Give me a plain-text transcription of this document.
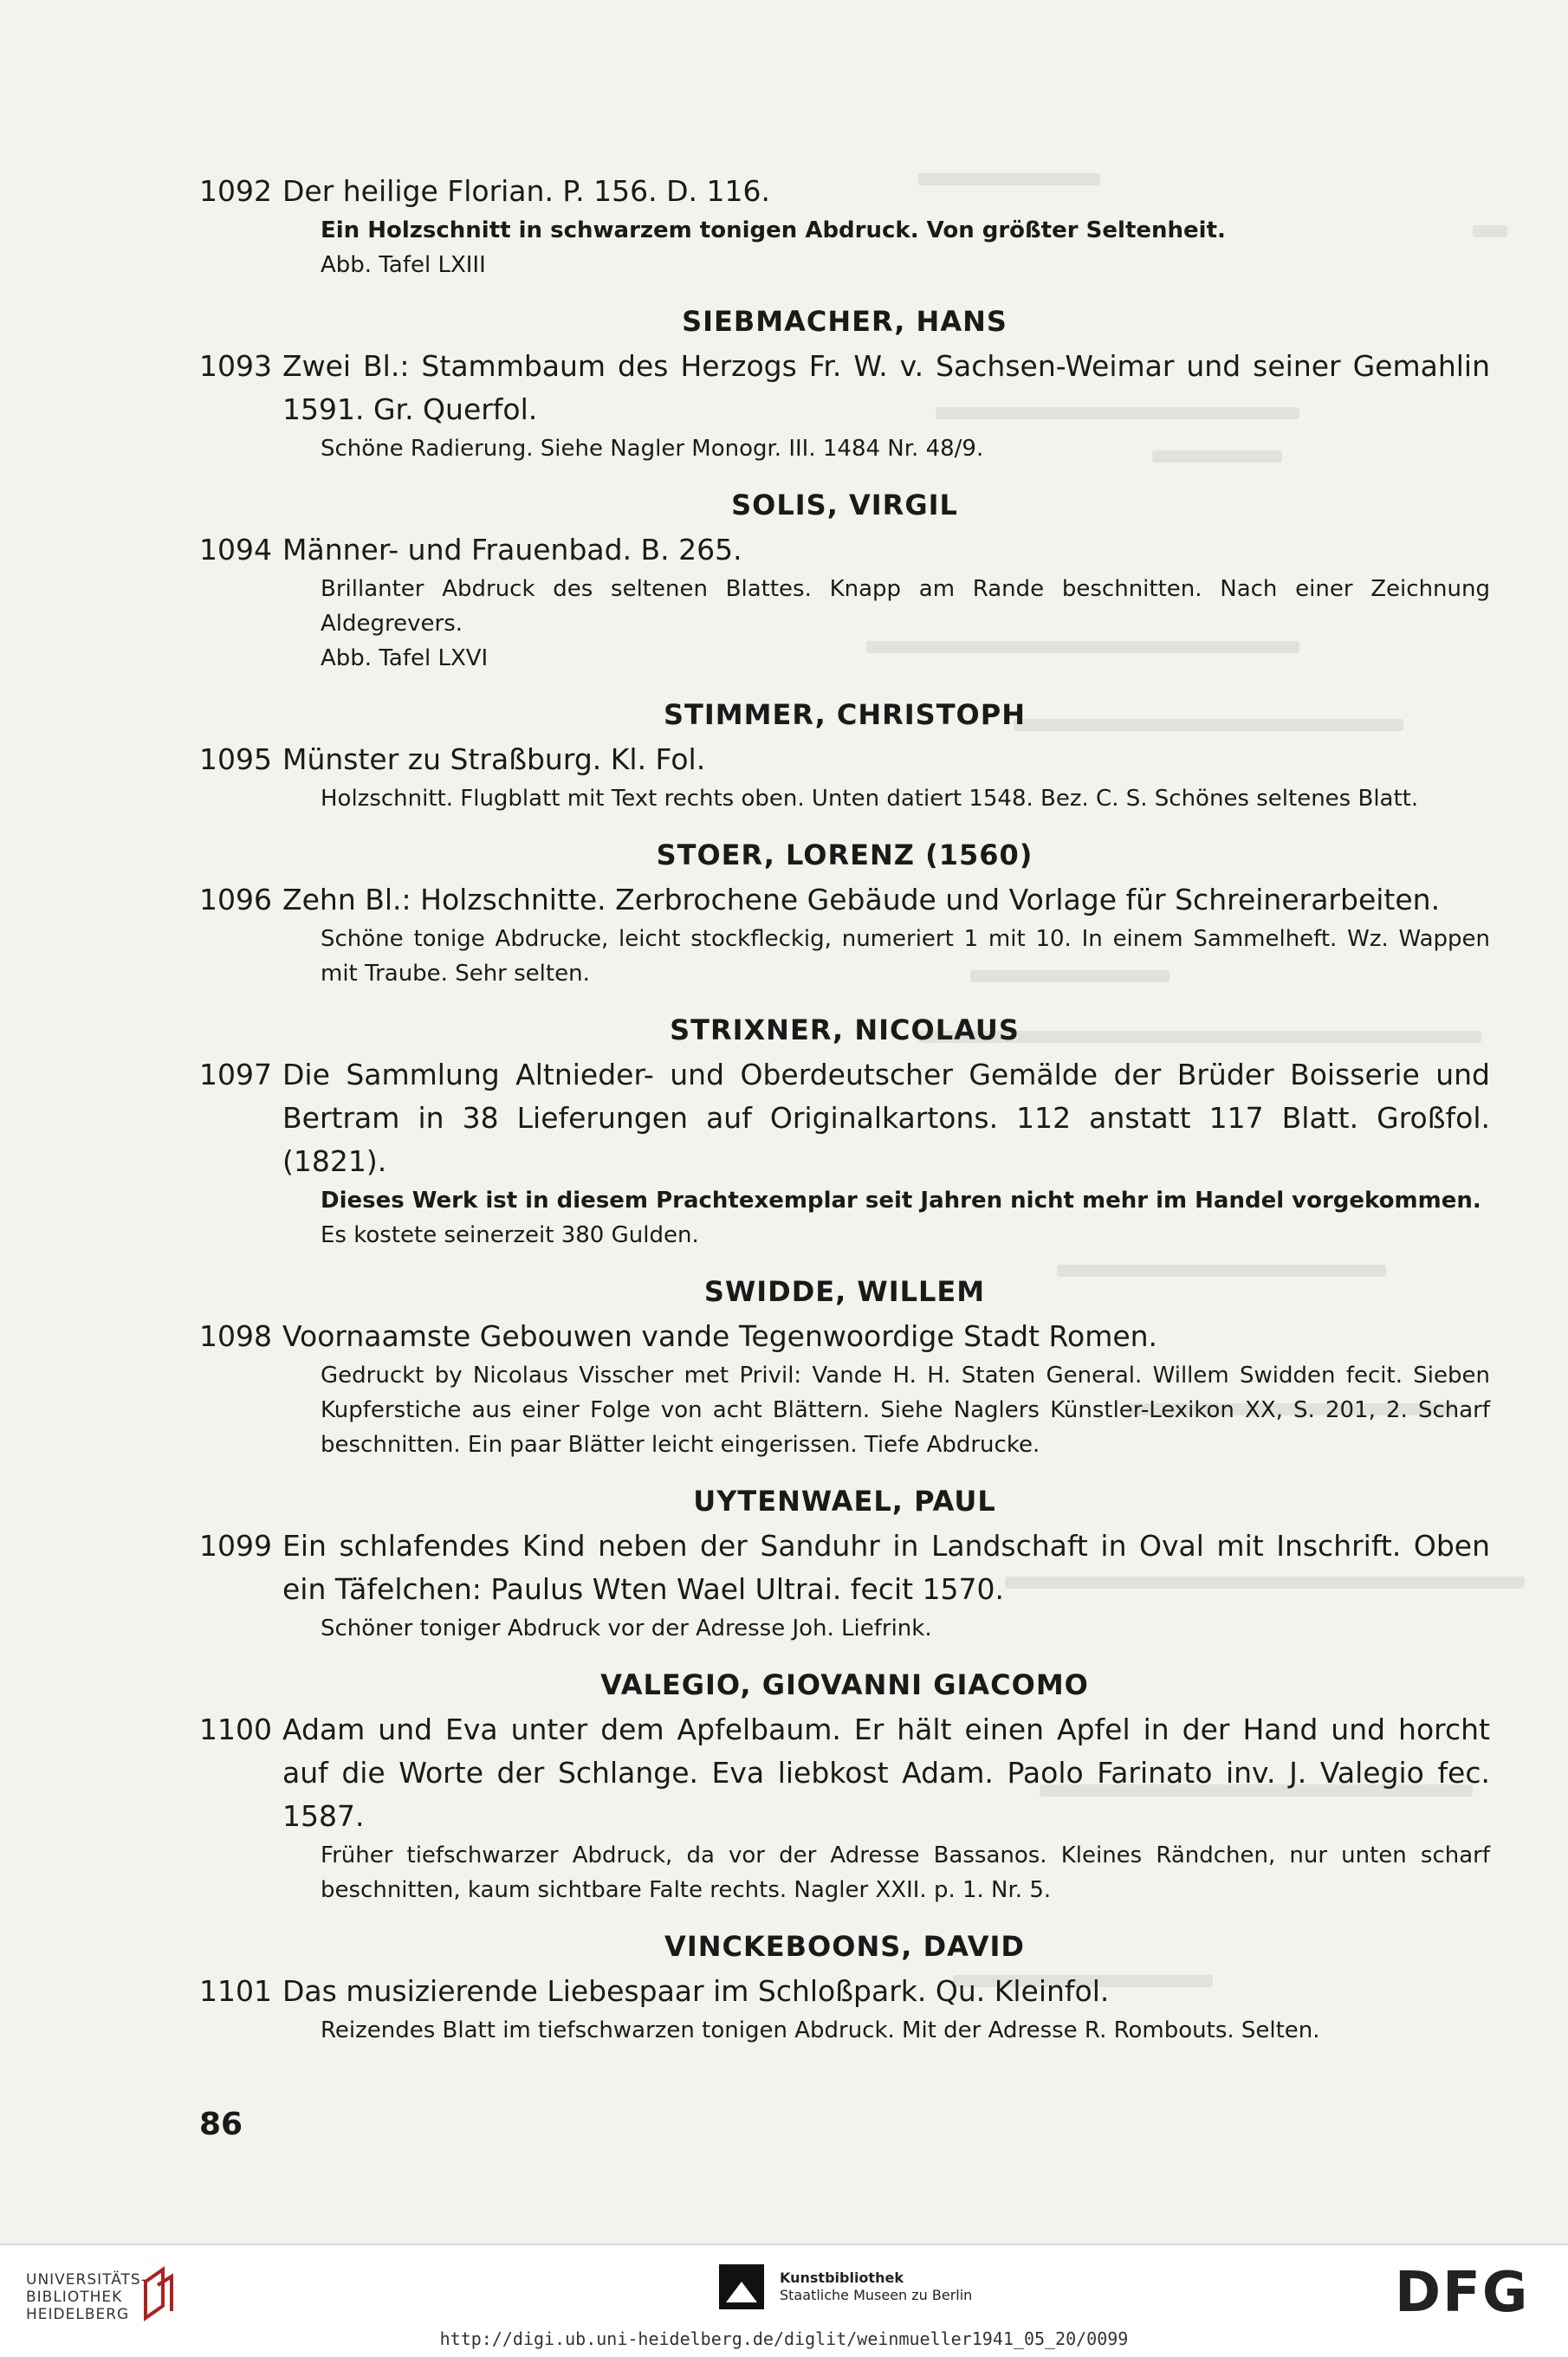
1092 Der heilige Florian. P. 156. D. 116.
Ein Holzschnitt in schwarzem tonigen Abdruck. Von größter Seltenheit.
Abb. Tafel LXIII
SIEBMACHER, HANS
1093 Zwei Bl.: Stammbaum des Herzogs Fr. W. v. Sachsen-Weimar und seiner Gemahlin 1591. Gr. Querfol.
Schöne Radierung. Siehe Nagler Monogr. III. 1484 Nr. 48/9.
SOLIS, VIRGIL
1094 Männer- und Frauenbad. B. 265.
Brillanter Abdruck des seltenen Blattes. Knapp am Rande beschnitten. Nach einer Zeichnung Aldegrevers.
Abb. Tafel LXVI
STIMMER, CHRISTOPH
1095 Münster zu Straßburg. Kl. Fol.
Holzschnitt. Flugblatt mit Text rechts oben. Unten datiert 1548. Bez. C. S. Schönes seltenes Blatt.
STOER, LORENZ (1560)
1096 Zehn Bl.: Holzschnitte. Zerbrochene Gebäude und Vorlage für Schreinerarbeiten.
Schöne tonige Abdrucke, leicht stockfleckig, numeriert 1 mit 10. In einem Sammelheft. Wz. Wappen mit Traube. Sehr selten.
STRIXNER, NICOLAUS
1097 Die Sammlung Altnieder- und Oberdeutscher Gemälde der Brüder Boisserie und Bertram in 38 Lieferungen auf Originalkartons. 112 anstatt 117 Blatt. Großfol. (1821).
Dieses Werk ist in diesem Prachtexemplar seit Jahren nicht mehr im Handel vorgekommen.
Es kostete seinerzeit 380 Gulden.
SWIDDE, WILLEM
1098 Voornaamste Gebouwen vande Tegenwoordige Stadt Romen.
Gedruckt by Nicolaus Visscher met Privil: Vande H. H. Staten General. Willem Swidden fecit. Sieben Kupferstiche aus einer Folge von acht Blättern. Siehe Naglers Künstler-Lexikon XX, S. 201, 2. Scharf beschnitten. Ein paar Blätter leicht eingerissen. Tiefe Abdrucke.
UYTENWAEL, PAUL
1099 Ein schlafendes Kind neben der Sanduhr in Landschaft in Oval mit Inschrift. Oben ein Täfelchen: Paulus Wten Wael Ultrai. fecit 1570.
Schöner toniger Abdruck vor der Adresse Joh. Liefrink.
VALEGIO, GIOVANNI GIACOMO
1100 Adam und Eva unter dem Apfelbaum. Er hält einen Apfel in der Hand und horcht auf die Worte der Schlange. Eva liebkost Adam. Paolo Farinato inv. J. Valegio fec. 1587.
Früher tiefschwarzer Abdruck, da vor der Adresse Bassanos. Kleines Rändchen, nur unten scharf beschnitten, kaum sichtbare Falte rechts. Nagler XXII. p. 1. Nr. 5.
VINCKEBOONS, DAVID
1101 Das musizierende Liebespaar im Schloßpark. Qu. Kleinfol.
Reizendes Blatt im tiefschwarzen tonigen Abdruck. Mit der Adresse R. Rombouts. Selten.
86
UNIVERSITÄTS-
BIBLIOTHEK
HEIDELBERG
Kunstbibliothek
Staatliche Museen zu Berlin	DFG
http://digi.ub.uni-heidelberg.de/diglit/weinmueller1941_05_20/0099
